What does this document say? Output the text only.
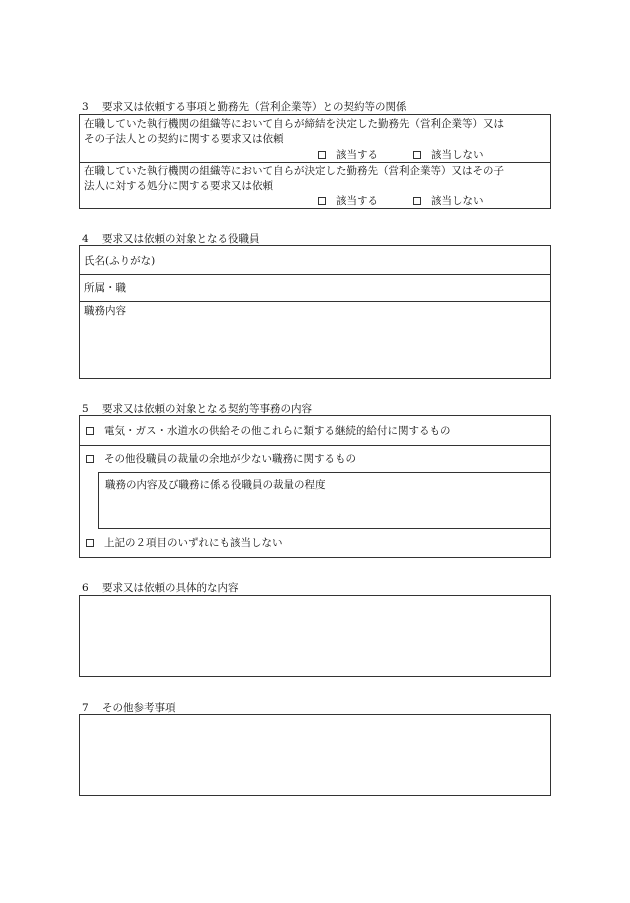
3 要求又は依頼する事項と勤務先（営利企業等）との契約等の関係
在職していた執行機関の組織等において自らが締結を決定した勤務先（営利企業等）又は
その子法人との契約に関する要求又は依頼
該当する	該当しない
在職していた執行機関の組織等において自らが決定した勤務先（営利企業等）又はその子
法人に対する処分に関する要求又は依頼
該当する	該当しない
4 要求又は依頼の対象となる役職員
氏名(ふりがな)
所属・職
職務内容
5 要求又は依頼の対象となる契約等事務の内容
電気・ガス・水道水の供給その他これらに類する継続的給付に関するもの
その他役職員の裁量の余地が少ない職務に関するもの
職務の内容及び職務に係る役職員の裁量の程度
上記の２項目のいずれにも該当しない
6 要求又は依頼の具体的な内容
7 その他参考事項
